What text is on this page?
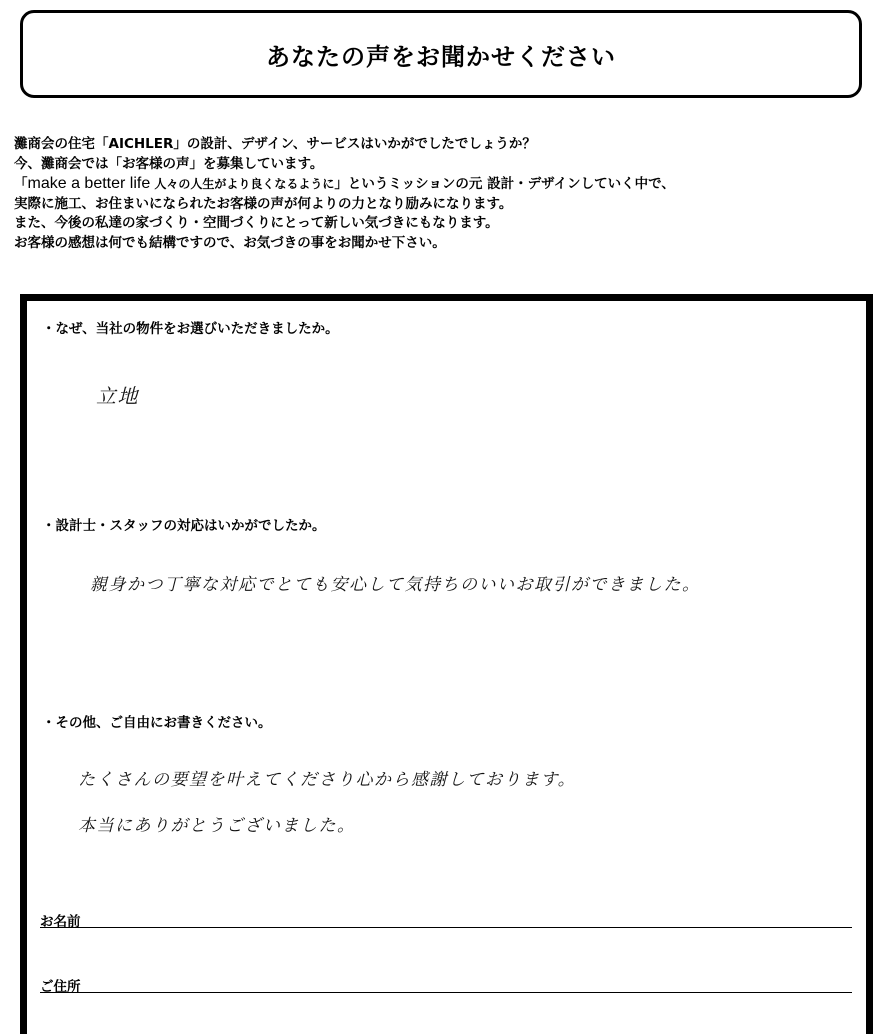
あなたの声をお聞かせください
灘商会の住宅「AICHLER」の設計、デザイン、サービスはいかがでしたでしょうか？
今、灘商会では「お客様の声」を募集しています。
「make a better life 人々の人生がより良くなるように」というミッションの元 設計・デザインしていく中で、
実際に施工、お住まいになられたお客様の声が何よりの力となり励みになります。
また、今後の私達の家づくり・空間づくりにとって新しい気づきにもなります。
お客様の感想は何でも結構ですので、お気づきの事をお聞かせ下さい。
・なぜ、当社の物件をお選びいただきましたか。
立地
・設計士・スタッフの対応はいかがでしたか。
親身かつ丁寧な対応でとても安心して気持ちのいいお取引ができました。
・その他、ご自由にお書きください。
たくさんの要望を叶えてくださり心から感謝しております。
本当にありがとうございました。
お名前
ご住所
